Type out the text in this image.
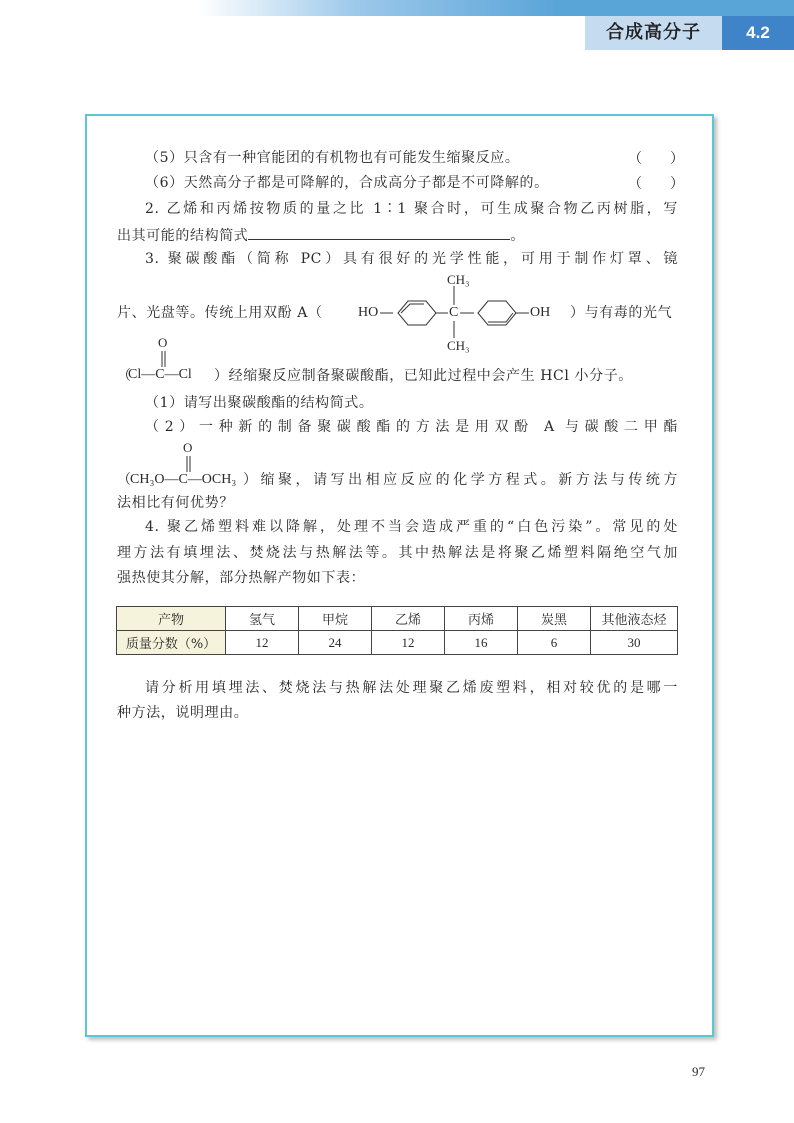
合成高分子	4.2
（5）只含有一种官能团的有机物也有可能发生缩聚反应。	（　　）
（6）天然高分子都是可降解的，合成高分子都是不可降解的。	（　　）
2. 乙烯和丙烯按物质的量之比 1∶1 聚合时，可生成聚合物乙丙树脂，写
出其可能的结构简式	。
3. 聚碳酸酯（简称 PC）具有很好的光学性能，可用于制作灯罩、镜
片、光盘等。传统上用双酚 A（	HO	C	OH
CH₃
CH₃
）与有毒的光气
（
O
Cl—C—Cl ）经缩聚反应制备聚碳酸酯，已知此过程中会产生 HCl 小分子。
（1）请写出聚碳酸酯的结构简式。
（2）一种新的制备聚碳酸酯的方法是用双酚 A 与碳酸二甲酯
（
O
CH₃O—C—OCH₃ ）缩聚，请写出相应反应的化学方程式。新方法与传统方
法相比有何优势？
4. 聚乙烯塑料难以降解，处理不当会造成严重的“白色污染”。常见的处
理方法有填埋法、焚烧法与热解法等。其中热解法是将聚乙烯塑料隔绝空气加
强热使其分解，部分热解产物如下表：
产物	氢气	甲烷	乙烯	丙烯	炭黑	其他液态烃
质量分数（%）	12	24	12	16	6	30
请分析用填埋法、焚烧法与热解法处理聚乙烯废塑料，相对较优的是哪一
种方法，说明理由。
97
